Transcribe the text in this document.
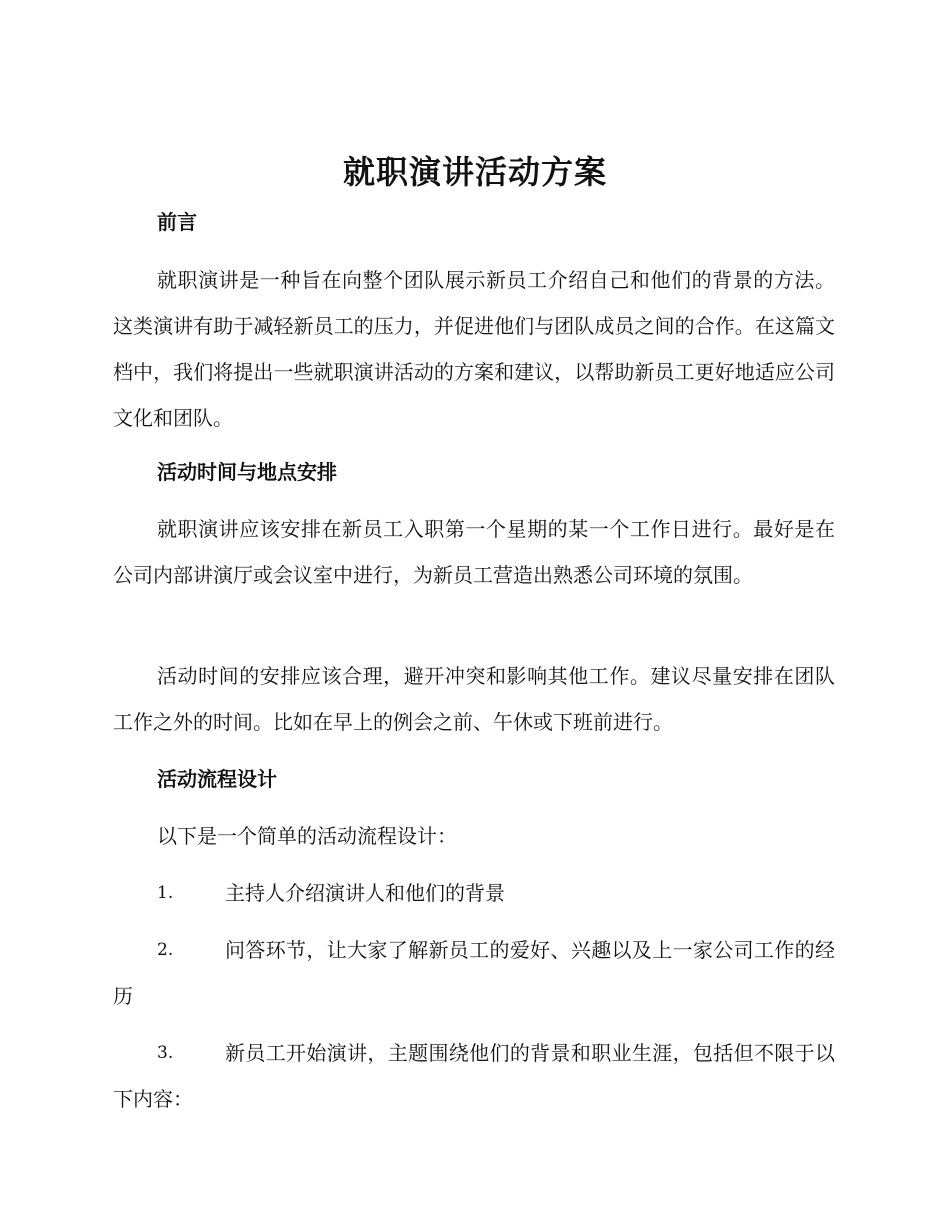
就职演讲活动方案
前言
就职演讲是一种旨在向整个团队展示新员工介绍自己和他们的背景的方法。这类演讲有助于减轻新员工的压力，并促进他们与团队成员之间的合作。在这篇文档中，我们将提出一些就职演讲活动的方案和建议，以帮助新员工更好地适应公司文化和团队。
活动时间与地点安排
就职演讲应该安排在新员工入职第一个星期的某一个工作日进行。最好是在公司内部讲演厅或会议室中进行，为新员工营造出熟悉公司环境的氛围。
活动时间的安排应该合理，避开冲突和影响其他工作。建议尽量安排在团队工作之外的时间。比如在早上的例会之前、午休或下班前进行。
活动流程设计
以下是一个简单的活动流程设计：
1.	主持人介绍演讲人和他们的背景
2.	问答环节，让大家了解新员工的爱好、兴趣以及上一家公司工作的经历
3.	新员工开始演讲，主题围绕他们的背景和职业生涯，包括但不限于以下内容：
